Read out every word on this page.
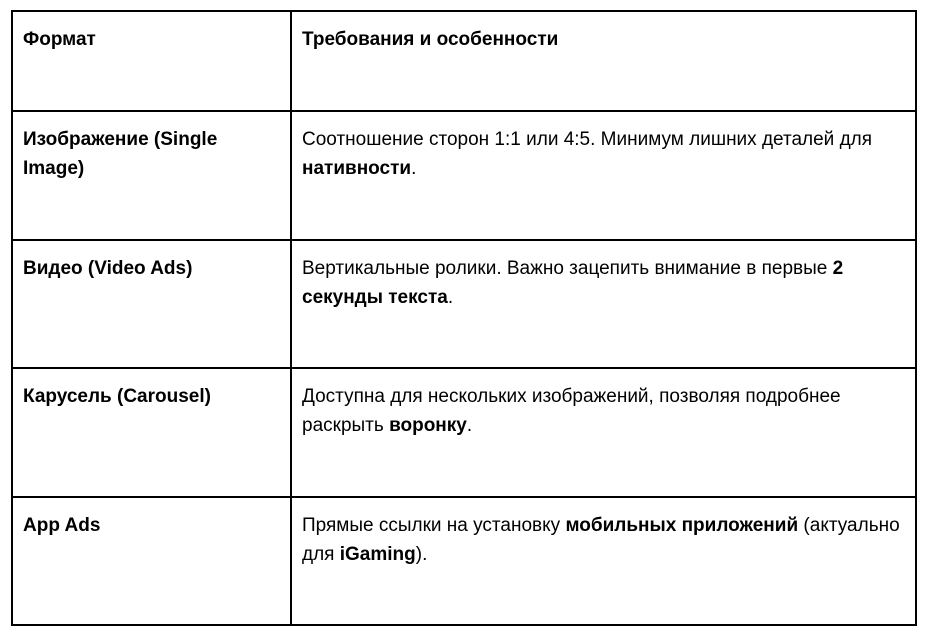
Формат	Требования и особенности
Изображение (Single Image)	Соотношение сторон 1:1 или 4:5. Минимум лишних деталей для нативности.
Видео (Video Ads)	Вертикальные ролики. Важно зацепить внимание в первые 2 секунды текста.
Карусель (Carousel)	Доступна для нескольких изображений, позволяя подробнее раскрыть воронку.
App Ads	Прямые ссылки на установку мобильных приложений (актуально для iGaming).
